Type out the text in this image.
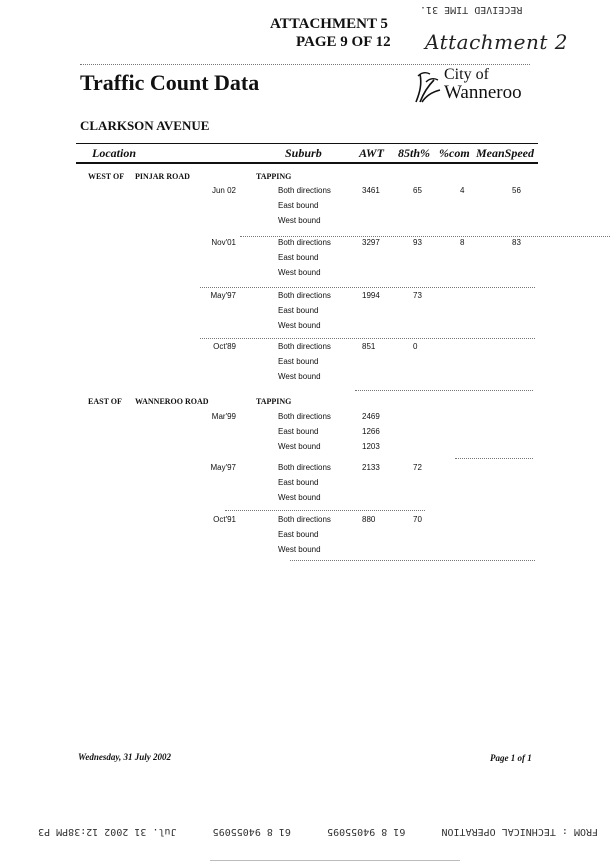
ATTACHMENT 5
PAGE 9 OF 12 Attachment 2
RECEIVED TIME 31.
Traffic Count Data	City of
Wanneroo
CLARKSON AVENUE
Location	Suburb	AWT 85th% %com MeanSpeed
WEST OF PINJAR ROAD	TAPPING
Jun 02	Both directions	3461	65	4	56
East bound
West bound
Nov'01	Both directions	3297	93	8	83
East bound
West bound
May'97	Both directions	1994	73
East bound
West bound
Oct'89	Both directions	851	0
East bound
West bound
EAST OF WANNEROO ROAD	TAPPING
Mar'99	Both directions	2469
East bound	1266
West bound	1203
May'97	Both directions	2133	72
East bound
West bound
Oct'91	Both directions	880	70
East bound
West bound
Wednesday, 31 July 2002	Page 1 of 1
FROM : TECHNICAL OPERATION
61 8 94055095
61 8 94055095
Jul. 31 2002 12:38PM P3
